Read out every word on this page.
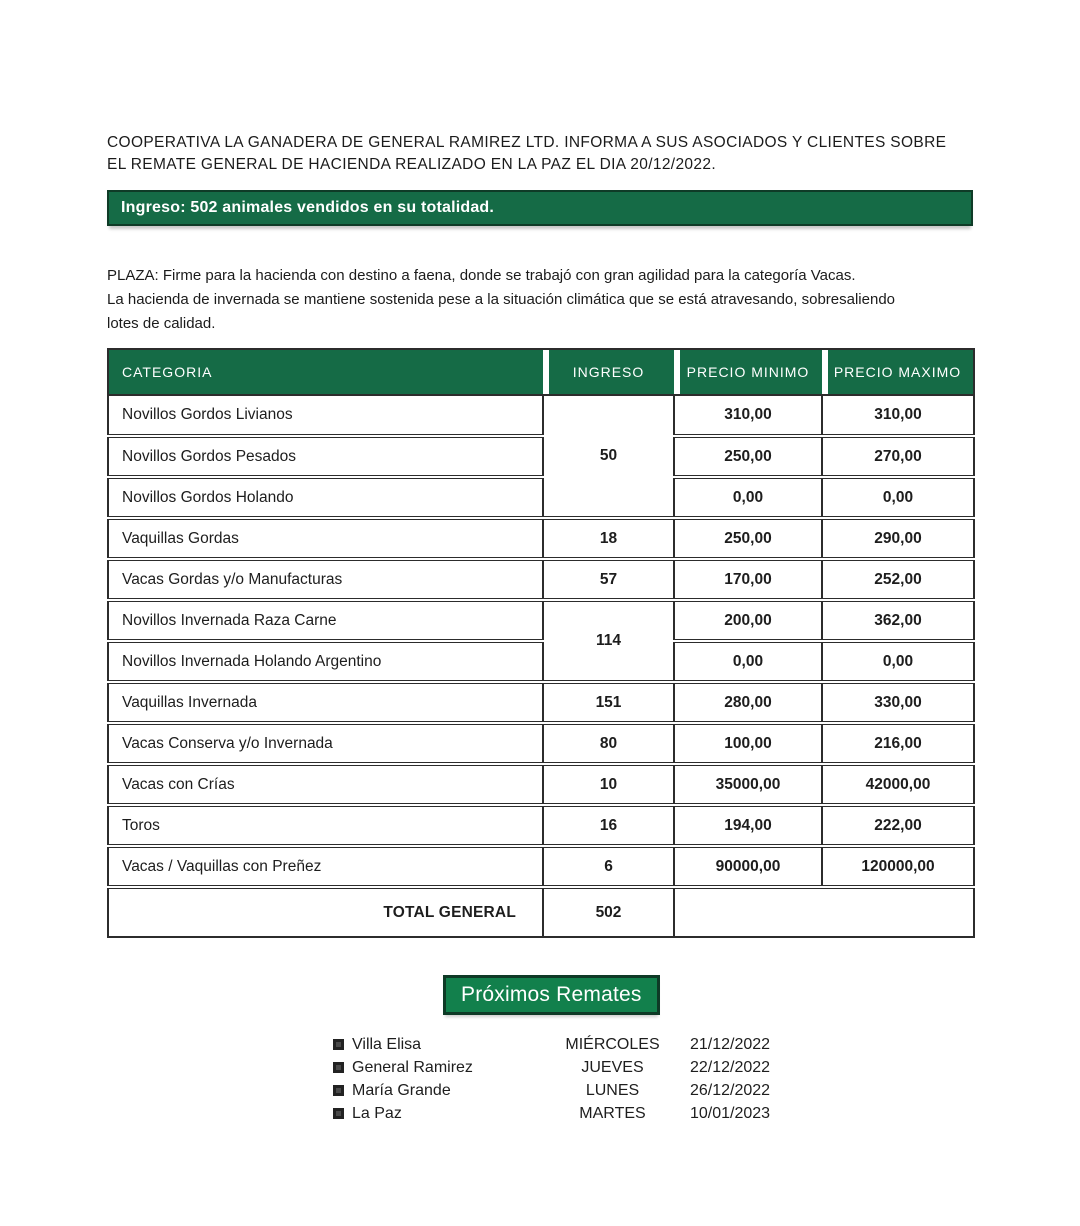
COOPERATIVA LA GANADERA DE GENERAL RAMIREZ LTD. INFORMA A SUS ASOCIADOS Y CLIENTES SOBRE
EL REMATE GENERAL DE HACIENDA REALIZADO EN LA PAZ EL DIA 20/12/2022.
Ingreso: 502 animales vendidos en su totalidad.
PLAZA: Firme para la hacienda con destino a faena, donde se trabajó con gran agilidad para la categoría Vacas.
La hacienda de invernada se mantiene sostenida pese a la situación climática que se está atravesando, sobresaliendo
lotes de calidad.
CATEGORIA	INGRESO	PRECIO MINIMO	PRECIO MAXIMO
Novillos Gordos Livianos	50	310,00	310,00
Novillos Gordos Pesados		250,00	270,00
Novillos Gordos Holando		0,00	0,00
Vaquillas Gordas	18	250,00	290,00
Vacas Gordas y/o Manufacturas	57	170,00	252,00
Novillos Invernada Raza Carne	114	200,00	362,00
Novillos Invernada Holando Argentino		0,00	0,00
Vaquillas Invernada	151	280,00	330,00
Vacas Conserva y/o Invernada	80	100,00	216,00
Vacas con Crías	10	35000,00	42000,00
Toros	16	194,00	222,00
Vacas / Vaquillas con Preñez	6	90000,00	120000,00
TOTAL GENERAL	502		
Próximos Remates
Villa Elisa	MIÉRCOLES	21/12/2022
General Ramirez	JUEVES	22/12/2022
María Grande	LUNES	26/12/2022
La Paz	MARTES	10/01/2023
